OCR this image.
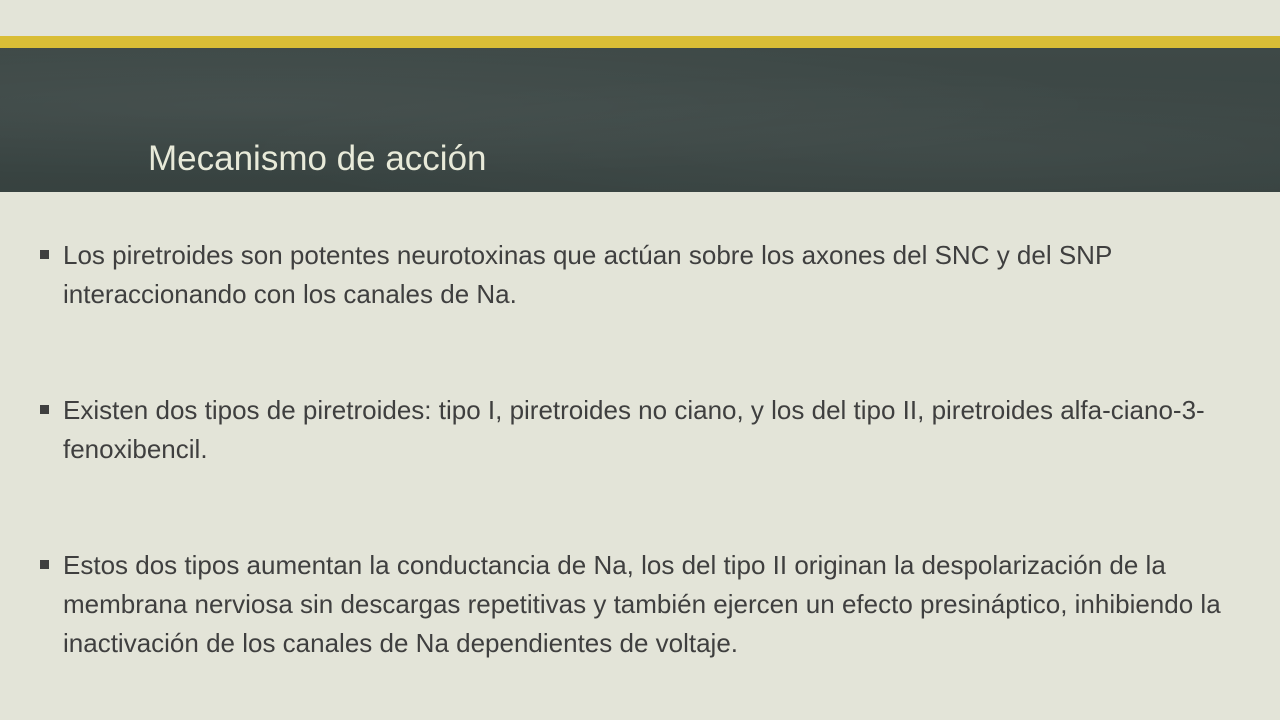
Mecanismo de acción
Los piretroides son potentes neurotoxinas que actúan sobre los axones del SNC y del SNP interaccionando con los canales de Na.
Existen dos tipos de piretroides: tipo I, piretroides no ciano, y los del tipo II, piretroides alfa-ciano-3-fenoxibencil.
Estos dos tipos aumentan la conductancia de Na, los del tipo II originan la despolarización de la membrana nerviosa sin descargas repetitivas y también ejercen un efecto presináptico, inhibiendo la inactivación de los canales de Na dependientes de voltaje.
